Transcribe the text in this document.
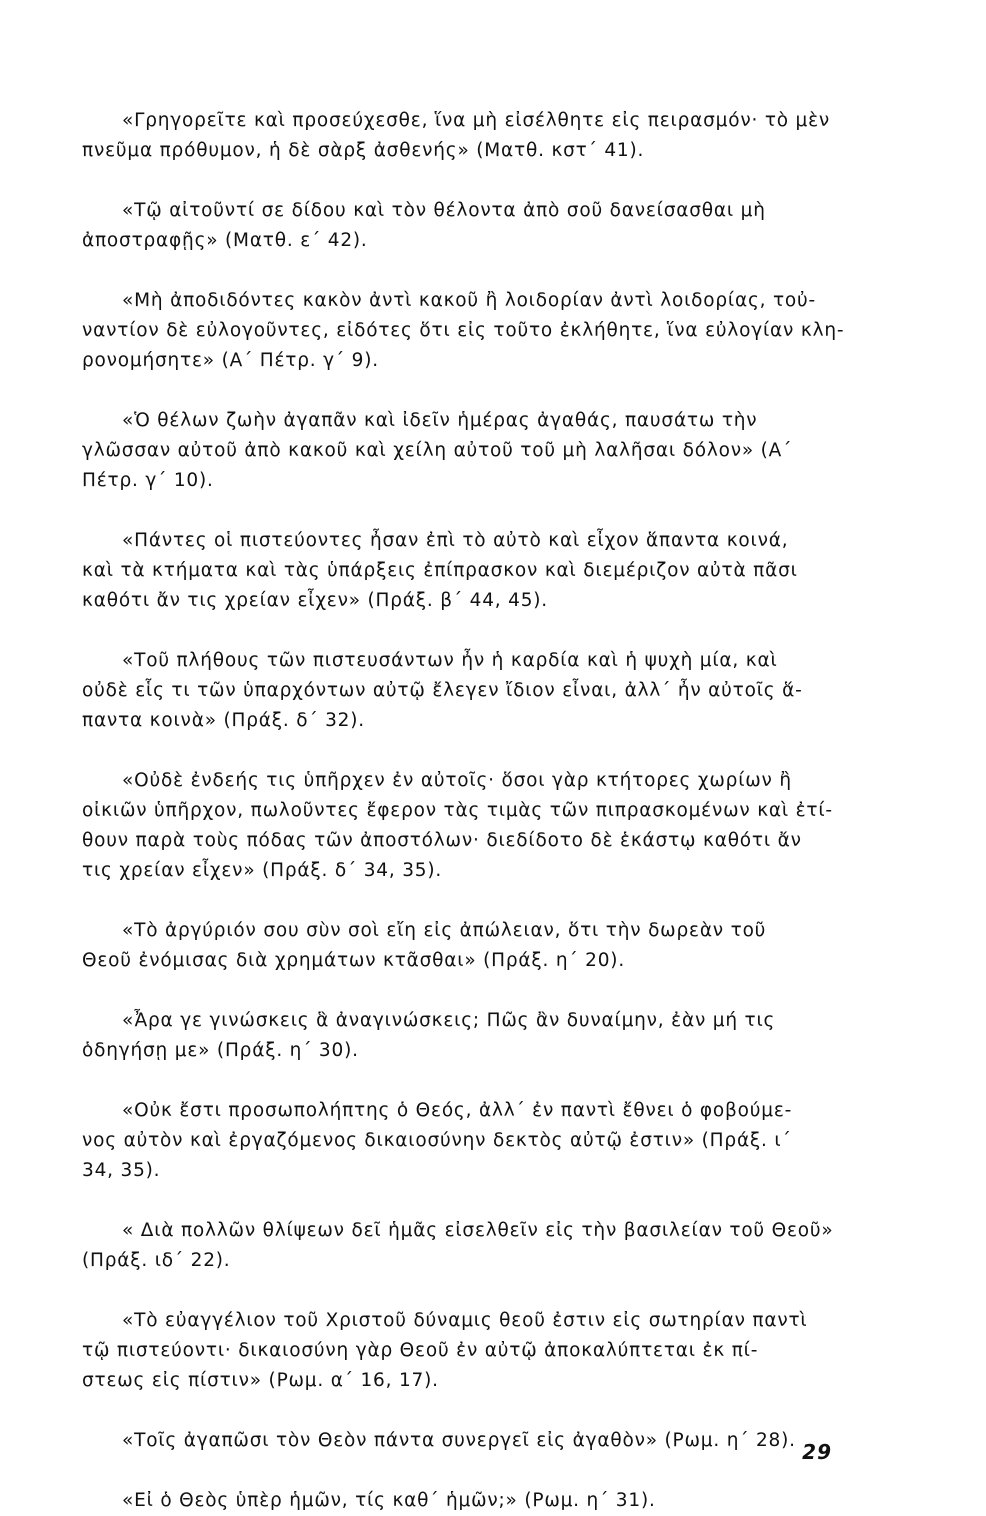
«Γρηγορεῖτε καὶ προσεύχεσθε, ἵνα μὴ εἰσέλθητε εἰς πειρασμόν· τὸ μὲν
πνεῦμα πρόθυμον, ἡ δὲ σὰρξ ἀσθενής» (Ματθ. κστ΄ 41).

«Τῷ αἰτοῦντί σε δίδου καὶ τὸν θέλοντα ἀπὸ σοῦ δανείσασθαι μὴ
ἀποστραφῇς» (Ματθ. ε΄ 42).

«Μὴ ἀποδιδόντες κακὸν ἀντὶ κακοῦ ἢ λοιδορίαν ἀντὶ λοιδορίας, τοὐ-
ναντίον δὲ εὐλογοῦντες, εἰδότες ὅτι εἰς τοῦτο ἐκλήθητε, ἵνα εὐλογίαν κλη-
ρονομήσητε» (Α΄ Πέτρ. γ΄ 9).

«Ὁ θέλων ζωὴν ἀγαπᾶν καὶ ἰδεῖν ἡμέρας ἀγαθάς, παυσάτω τὴν
γλῶσσαν αὐτοῦ ἀπὸ κακοῦ καὶ χείλη αὐτοῦ τοῦ μὴ λαλῆσαι δόλον» (Α΄
Πέτρ. γ΄ 10).

«Πάντες οἱ πιστεύοντες ἦσαν ἐπὶ τὸ αὐτὸ καὶ εἶχον ἅπαντα κοινά,
καὶ τὰ κτήματα καὶ τὰς ὑπάρξεις ἐπίπρασκον καὶ διεμέριζον αὐτὰ πᾶσι
καθότι ἄν τις χρείαν εἶχεν» (Πράξ. β΄ 44, 45).

«Τοῦ πλήθους τῶν πιστευσάντων ἦν ἡ καρδία καὶ ἡ ψυχὴ μία, καὶ
οὐδὲ εἷς τι τῶν ὑπαρχόντων αὐτῷ ἔλεγεν ἴδιον εἶναι, ἀλλ΄ ἦν αὐτοῖς ἅ-
παντα κοινὰ» (Πράξ. δ΄ 32).

«Οὐδὲ ἐνδεής τις ὑπῆρχεν ἐν αὐτοῖς· ὅσοι γὰρ κτήτορες χωρίων ἢ
οἰκιῶν ὑπῆρχον, πωλοῦντες ἔφερον τὰς τιμὰς τῶν πιπρασκομένων καὶ ἐτί-
θουν παρὰ τοὺς πόδας τῶν ἀποστόλων· διεδίδοτο δὲ ἑκάστῳ καθότι ἄν
τις χρείαν εἶχεν» (Πράξ. δ΄ 34, 35).

«Τὸ ἀργύριόν σου σὺν σοὶ εἴη εἰς ἀπώλειαν, ὅτι τὴν δωρεὰν τοῦ
Θεοῦ ἐνόμισας διὰ χρημάτων κτᾶσθαι» (Πράξ. η΄ 20).

«Ἆρα γε γινώσκεις ἃ ἀναγινώσκεις; Πῶς ἂν δυναίμην, ἐὰν μή τις
ὁδηγήσῃ με» (Πράξ. η΄ 30).

«Οὐκ ἔστι προσωπολήπτης ὁ Θεός, ἀλλ΄ ἐν παντὶ ἔθνει ὁ φοβούμε-
νος αὐτὸν καὶ ἐργαζόμενος δικαιοσύνην δεκτὸς αὐτῷ ἐστιν» (Πράξ. ι΄
34, 35).

« Διὰ πολλῶν θλίψεων δεῖ ἡμᾶς εἰσελθεῖν εἰς τὴν βασιλείαν τοῦ Θεοῦ»
(Πράξ. ιδ΄ 22).

«Τὸ εὐαγγέλιον τοῦ Χριστοῦ δύναμις θεοῦ ἐστιν εἰς σωτηρίαν παντὶ
τῷ πιστεύοντι· δικαιοσύνη γὰρ Θεοῦ ἐν αὐτῷ ἀποκαλύπτεται ἐκ πί-
στεως εἰς πίστιν» (Ρωμ. α΄ 16, 17).

«Τοῖς ἀγαπῶσι τὸν Θεὸν πάντα συνεργεῖ εἰς ἀγαθὸν» (Ρωμ. η΄ 28).

«Εἰ ὁ Θεὸς ὑπὲρ ἡμῶν, τίς καθ΄ ἡμῶν;» (Ρωμ. η΄ 31).

29
